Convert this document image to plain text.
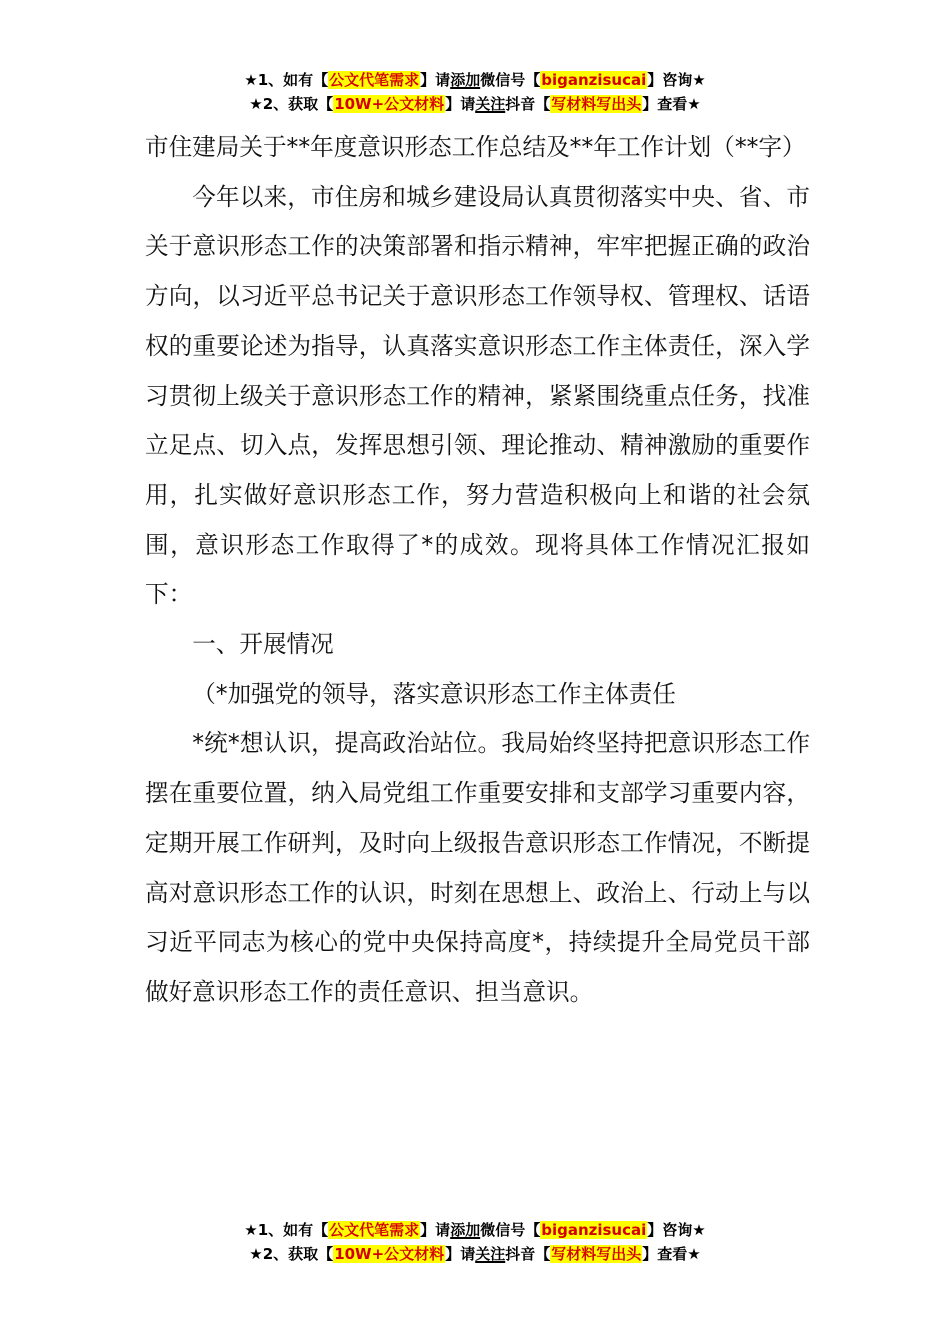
★1、如有【公文代笔需求】请添加微信号【biganzisucai】咨询★
★2、获取【10W+公文材料】请关注抖音【写材料写出头】查看★

市住建局关于**年度意识形态工作总结及**年工作计划（**字）

今年以来，市住房和城乡建设局认真贯彻落实中央、省、市关于意识形态工作的决策部署和指示精神，牢牢把握正确的政治方向，以习近平总书记关于意识形态工作领导权、管理权、话语权的重要论述为指导，认真落实意识形态工作主体责任，深入学习贯彻上级关于意识形态工作的精神，紧紧围绕重点任务，找准立足点、切入点，发挥思想引领、理论推动、精神激励的重要作用，扎实做好意识形态工作，努力营造积极向上和谐的社会氛围，意识形态工作取得了*的成效。现将具体工作情况汇报如下：

一、开展情况

（*加强党的领导，落实意识形态工作主体责任

*统*想认识，提高政治站位。我局始终坚持把意识形态工作摆在重要位置，纳入局党组工作重要安排和支部学习重要内容，定期开展工作研判，及时向上级报告意识形态工作情况，不断提高对意识形态工作的认识，时刻在思想上、政治上、行动上与以习近平同志为核心的党中央保持高度*，持续提升全局党员干部做好意识形态工作的责任意识、担当意识。

★1、如有【公文代笔需求】请添加微信号【biganzisucai】咨询★
★2、获取【10W+公文材料】请关注抖音【写材料写出头】查看★
